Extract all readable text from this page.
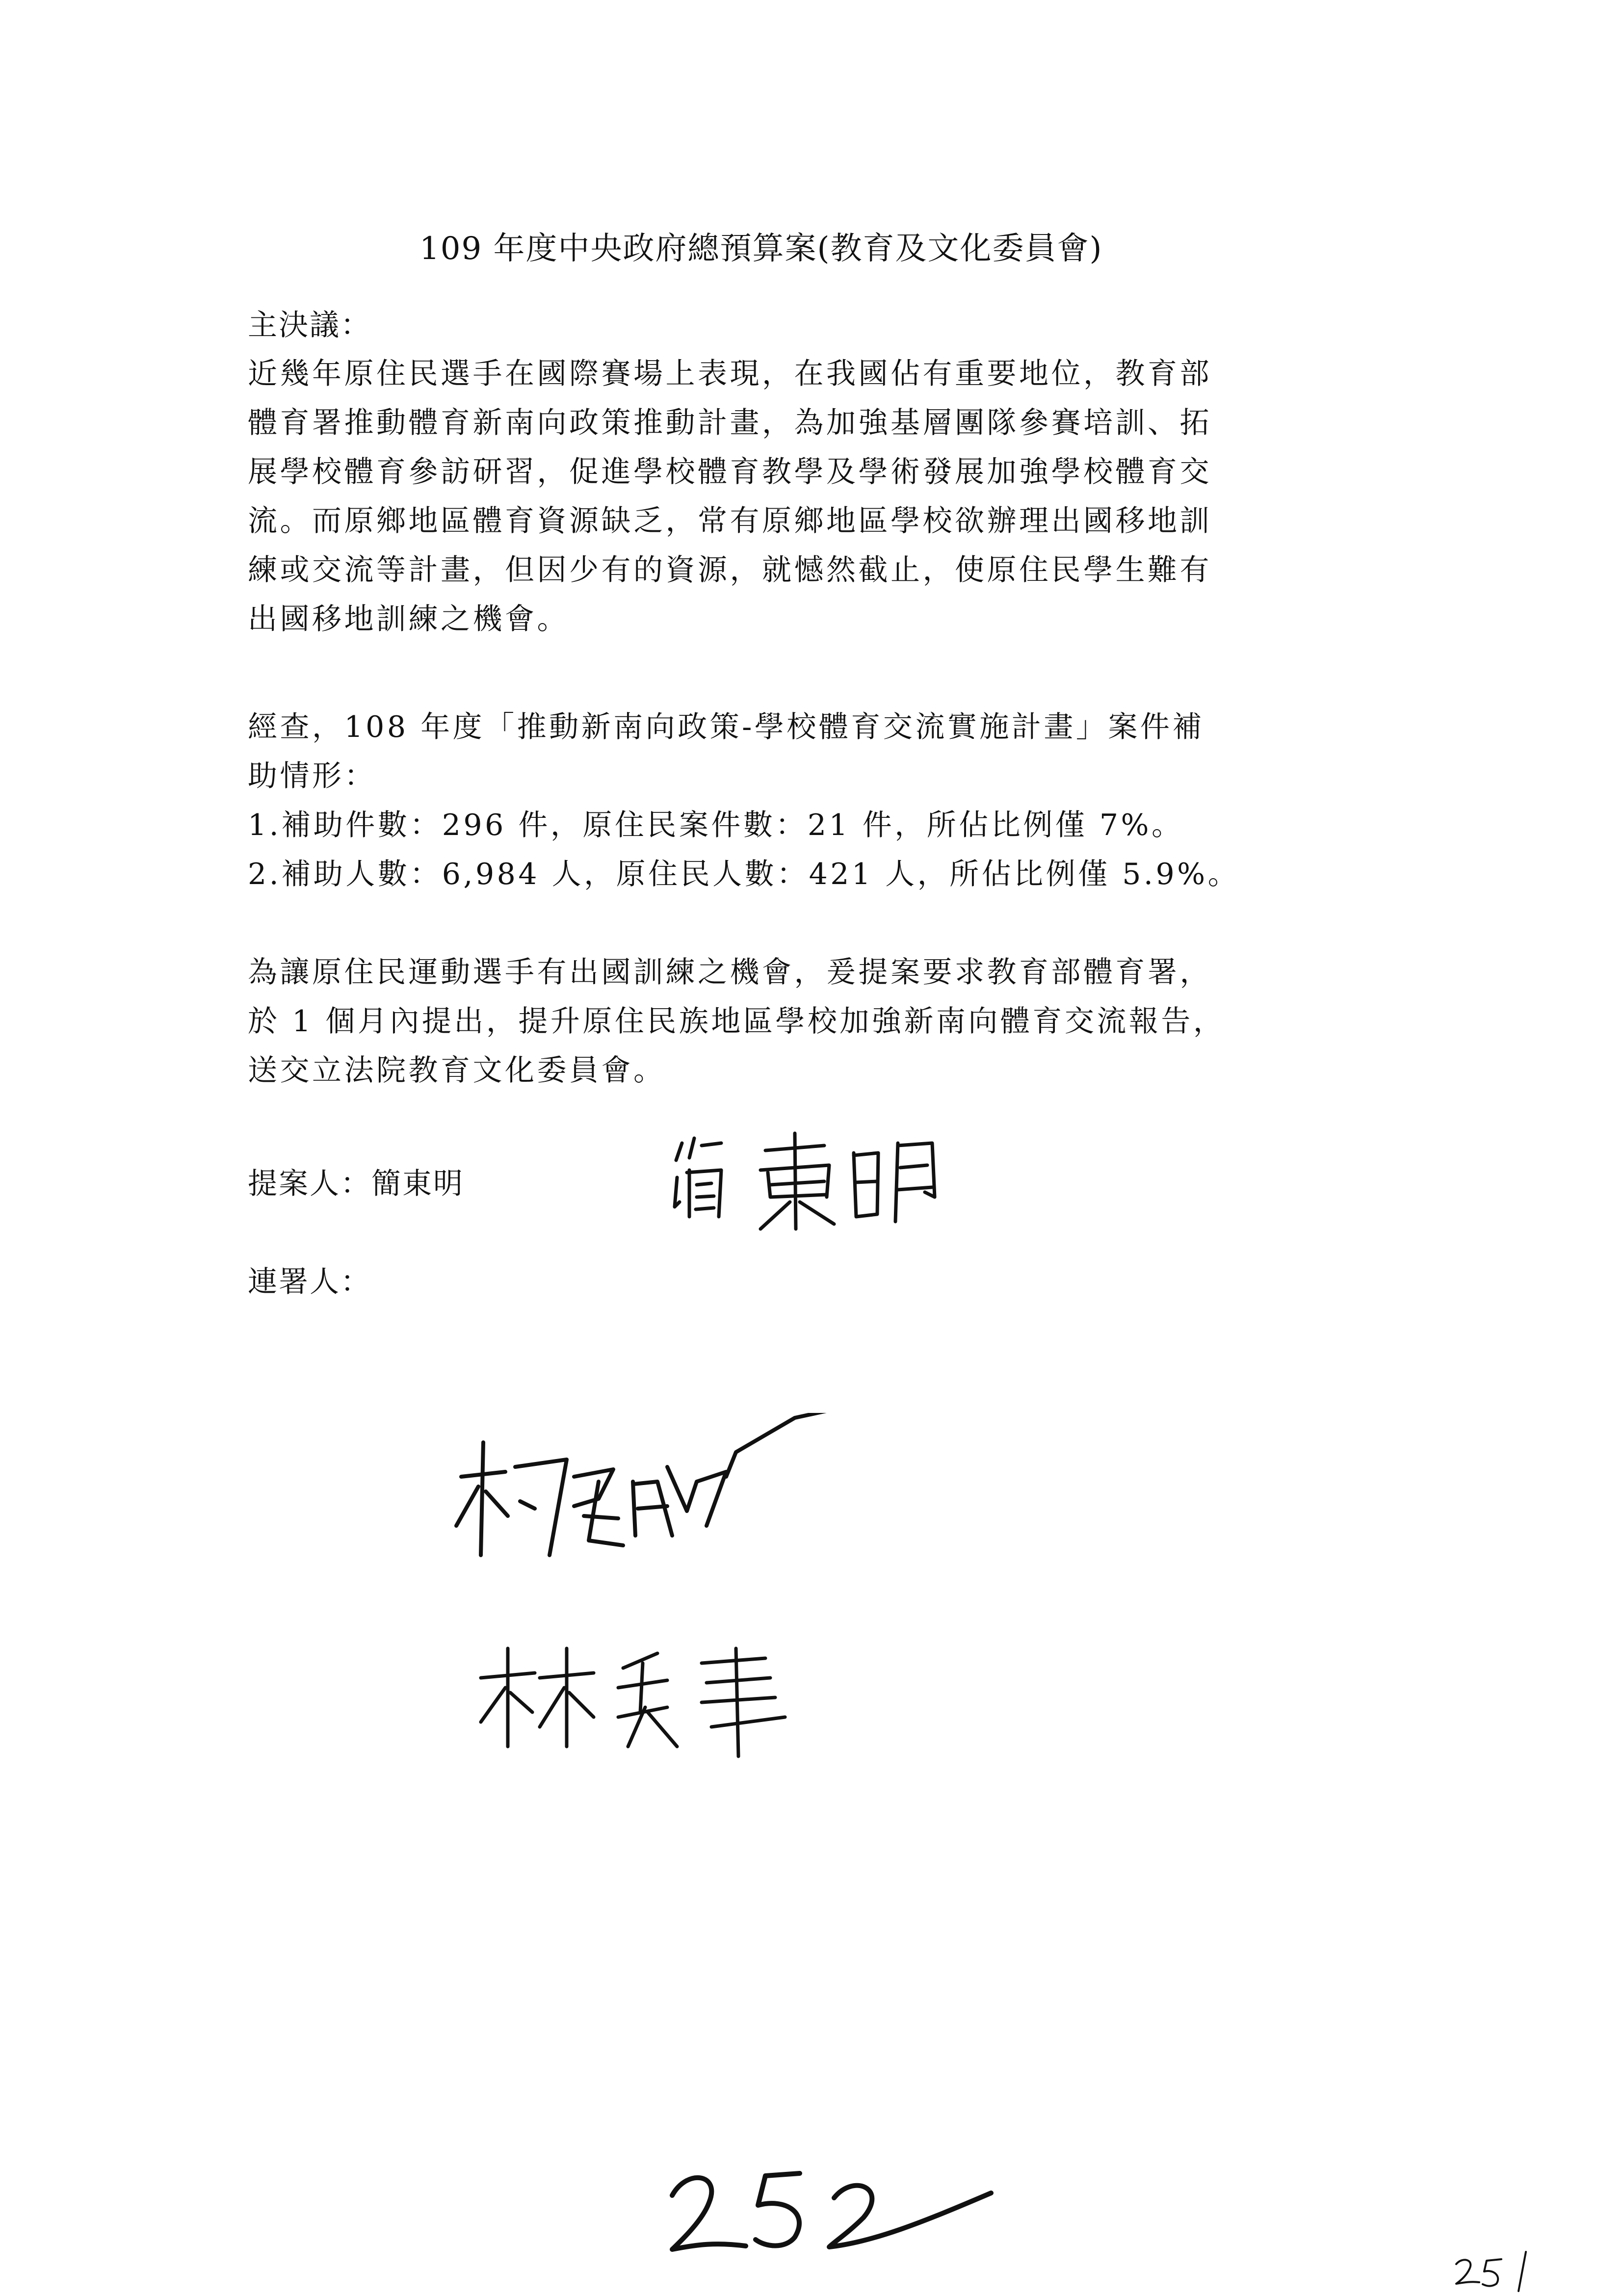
109 年度中央政府總預算案(教育及文化委員會)
主決議：
近幾年原住民選手在國際賽場上表現，在我國佔有重要地位，教育部
體育署推動體育新南向政策推動計畫，為加強基層團隊參賽培訓、拓
展學校體育參訪研習，促進學校體育教學及學術發展加強學校體育交
流。而原鄉地區體育資源缺乏，常有原鄉地區學校欲辦理出國移地訓
練或交流等計畫，但因少有的資源，就憾然截止，使原住民學生難有
出國移地訓練之機會。
經查，108 年度「推動新南向政策-學校體育交流實施計畫」案件補
助情形：
1.補助件數：296 件，原住民案件數：21 件，所佔比例僅 7%。
2.補助人數：6,984 人，原住民人數：421 人，所佔比例僅 5.9%。
為讓原住民運動選手有出國訓練之機會，爰提案要求教育部體育署，
於 1 個月內提出，提升原住民族地區學校加強新南向體育交流報告，
送交立法院教育文化委員會。
提案人：簡東明
連署人：
